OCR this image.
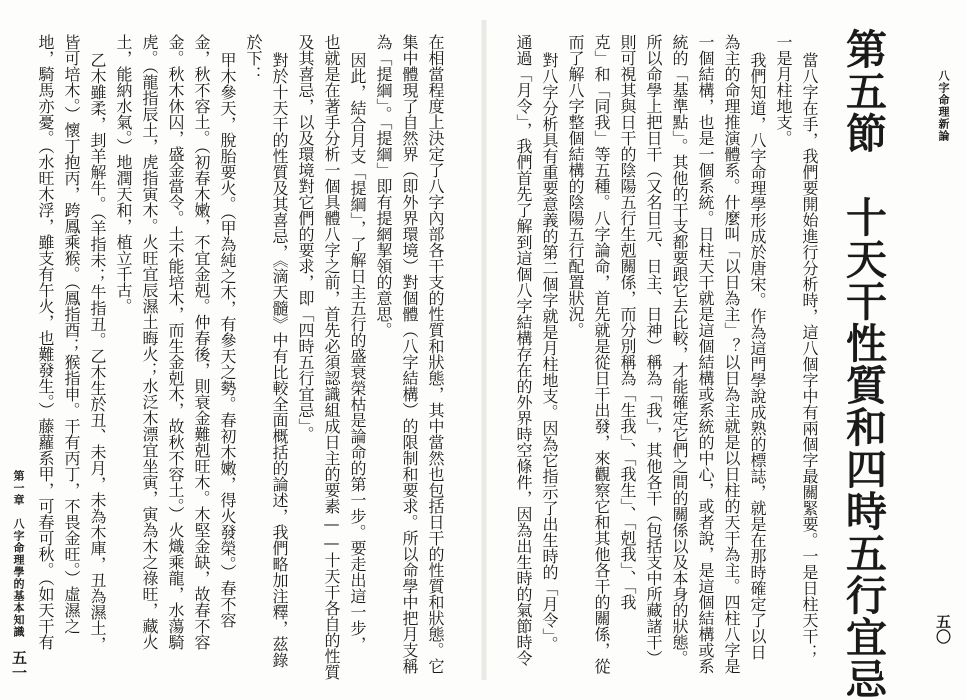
八字命理新論

五〇

第五節　十天干性質和四時五行宜忌

當八字在手，我們要開始進行分析時，這八個字中有兩個字最關緊要。一是日柱天干；

一是月柱地支。

我們知道，八字命理學形成於唐宋。作為這門學說成熟的標誌，就是在那時確定了以日

為主的命理推演體系。什麼叫「以日為主」？以日為主就是以日柱的天干為主。四柱八字是

一個結構，也是一個系統。日柱天干就是這個結構或系統的中心，或者說，是這個結構或系

統的「基準點」。其他的干支都要跟它去比較，才能確定它們之間的關係以及本身的狀態。

所以命學上把日干（又名日元、日主、日神）稱為「我」，其他各干（包括支中所藏諸干）

則可視其與日干的陰陽五行生剋關係，而分別稱為「生我」、「我生」、「剋我」、「我

克」和「同我」等五種。八字論命，首先就是從日干出發，來觀察它和其他各干的關係，從

而了解八字整個結構的陰陽五行配置狀況。

對八字分析具有重要意義的第二個字就是月柱地支。因為它指示了出生時的「月令」。

通過「月令」，我們首先了解到這個八字結構存在的外界時空條件，因為出生時的氣節時令

在相當程度上決定了八字內部各干支的性質和狀態，其中當然也包括日干的性質和狀態。它

集中體現了自然界（即外界環境）對個體（八字結構）的限制和要求。所以命學中把月支稱

為「提綱」。「提綱」即有提網挈領的意思。

因此，結合月支「提綱」，了解日主五行的盛衰榮枯是論命的第一步。要走出這一步，

也就是在著手分析一個具體八字之前，首先必須認識組成日主的要素——十天干各自的性質

及其喜忌，以及環境對它們的要求，即「四時五行宜忌」。

對於十天干的性質及其喜忌，《滴天髓》中有比較全面概括的論述，我們略加注釋，茲錄

於下：

甲木參天，脫胎要火。（甲為純之木，有參天之勢。春初木嫩，得火發榮。）春不容

金，秋不容土。（初春木嫩，不宜金剋。仲春後，則衰金難剋旺木。木堅金缺，故春不容

金。秋木休囚，盛金當令。土不能培木，而生金剋木，故秋不容土。）火熾乘龍，水蕩騎

虎。（龍指辰土，虎指寅木。火旺宜辰濕土晦火；水泛木漂宜坐寅，寅為木之祿旺，藏火

土，能納水氣。）地潤天和，植立千古。

乙木雖柔，刲羊解牛。（羊指未；牛指丑。乙木生於丑、未月，未為木庫，丑為濕土，

皆可培木。）懷丁抱丙，跨鳳乘猴。（鳳指酉；猴指申。干有丙丁，不畏金旺。）虛濕之

地，騎馬亦憂。（水旺木浮，雖支有午火，也難發生。）藤蘿系甲，可春可秋。（如天干有

第一章　八字命理學的基本知識

五一
